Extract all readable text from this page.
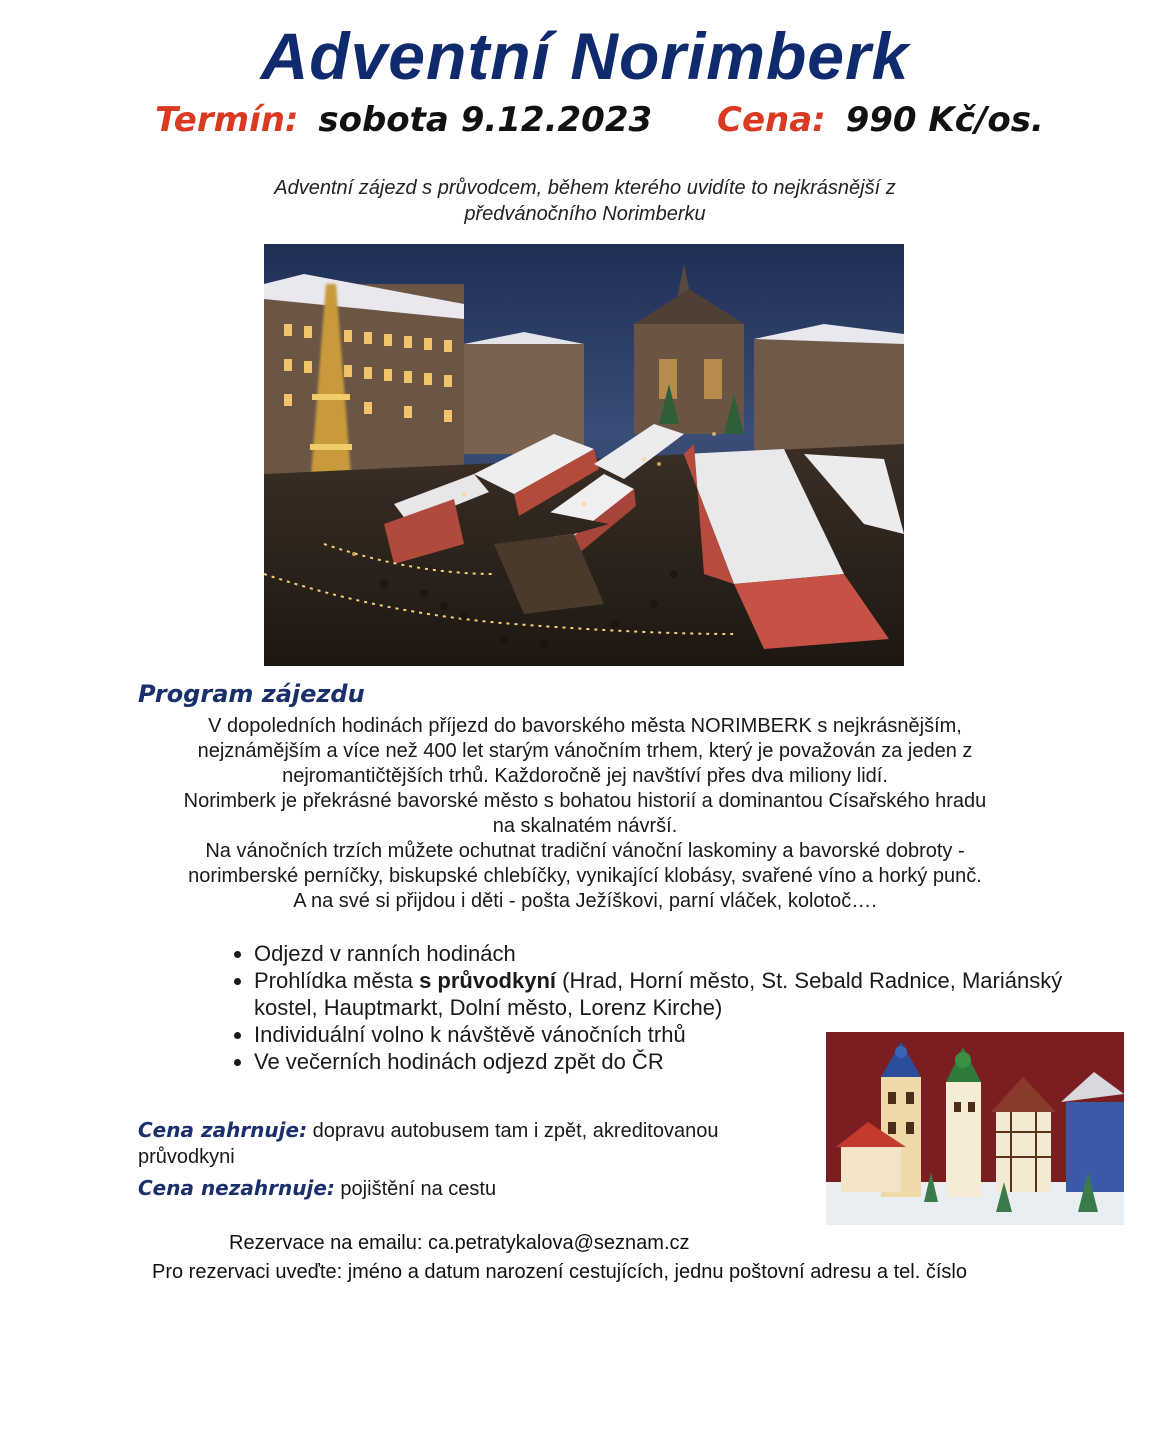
Adventní Norimberk
Termín: sobota 9.12.2023 Cena: 990 Kč/os.
Adventní zájezd s průvodcem, během kterého uvidíte to nejkrásnější z
předvánočního Norimberku
Program zájezdu

V dopoledních hodinách příjezd do bavorského města NORIMBERK s nejkrásnějším,

nejznámějším a více než 400 let starým vánočním trhem, který je považován za jeden z

nejromantičtějších trhů. Každoročně jej navštíví přes dva miliony lidí.

Norimberk je překrásné bavorské město s bohatou historií a dominantou Císařského hradu

na skalnatém návrší.

Na vánočních trzích můžete ochutnat tradiční vánoční laskominy a bavorské dobroty -

norimberské perníčky, biskupské chlebíčky, vynikající klobásy, svařené víno a horký punč.

A na své si přijdou i děti - pošta Ježíškovi, parní vláček, kolotoč….

• Odjezd v ranních hodinách
• Prohlídka města s průvodkyní (Hrad, Horní město, St. Sebald Radnice, Mariánský kostel, Hauptmarkt, Dolní město, Lorenz Kirche)
• Individuální volno k návštěvě vánočních trhů
• Ve večerních hodinách odjezd zpět do ČR
Cena zahrnuje: dopravu autobusem tam i zpět, akreditovanou průvodkyni
Cena nezahrnuje: pojištění na cestu
Rezervace na emailu: ca.petratykalova@seznam.cz
Pro rezervaci uveďte: jméno a datum narození cestujících, jednu poštovní adresu a tel. číslo
